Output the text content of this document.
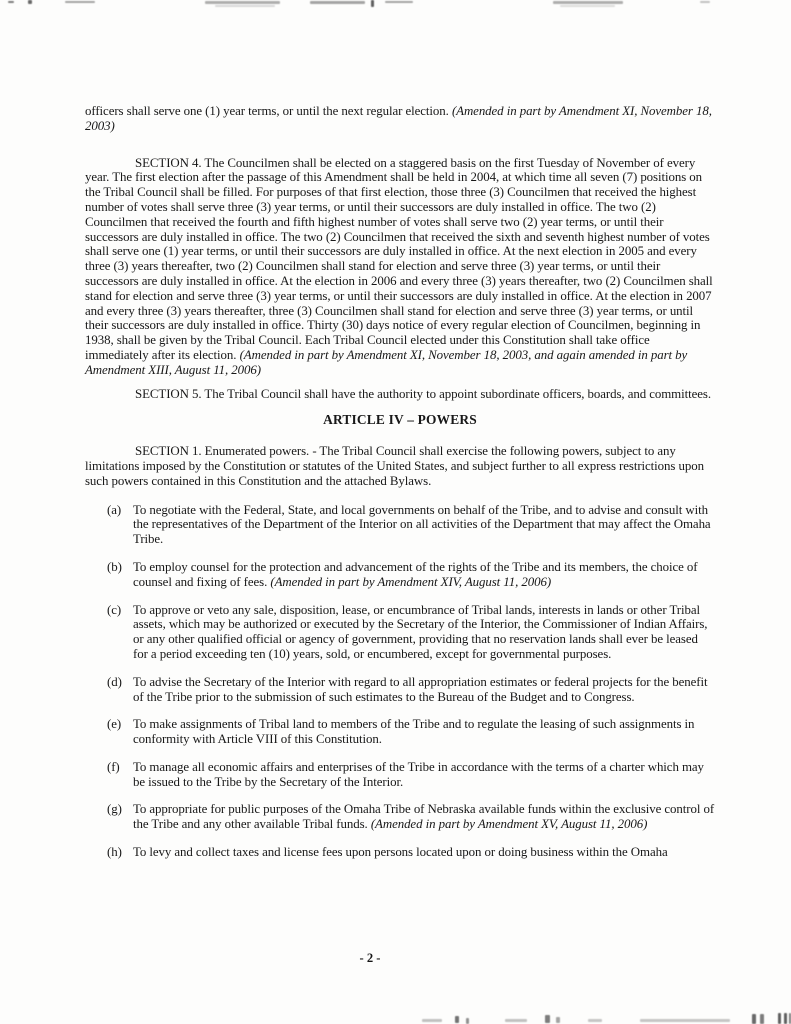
officers shall serve one (1) year terms, or until the next regular election. (Amended in part by Amendment XI, November 18, 2003)
SECTION 4. The Councilmen shall be elected on a staggered basis on the first Tuesday of November of every year. The first election after the passage of this Amendment shall be held in 2004, at which time all seven (7) positions on the Tribal Council shall be filled. For purposes of that first election, those three (3) Councilmen that received the highest number of votes shall serve three (3) year terms, or until their successors are duly installed in office. The two (2) Councilmen that received the fourth and fifth highest number of votes shall serve two (2) year terms, or until their successors are duly installed in office. The two (2) Councilmen that received the sixth and seventh highest number of votes shall serve one (1) year terms, or until their successors are duly installed in office. At the next election in 2005 and every three (3) years thereafter, two (2) Councilmen shall stand for election and serve three (3) year terms, or until their successors are duly installed in office. At the election in 2006 and every three (3) years thereafter, two (2) Councilmen shall stand for election and serve three (3) year terms, or until their successors are duly installed in office. At the election in 2007 and every three (3) years thereafter, three (3) Councilmen shall stand for election and serve three (3) year terms, or until their successors are duly installed in office. Thirty (30) days notice of every regular election of Councilmen, beginning in 1938, shall be given by the Tribal Council. Each Tribal Council elected under this Constitution shall take office immediately after its election. (Amended in part by Amendment XI, November 18, 2003, and again amended in part by Amendment XIII, August 11, 2006)
SECTION 5. The Tribal Council shall have the authority to appoint subordinate officers, boards, and committees.
ARTICLE IV – POWERS
SECTION 1. Enumerated powers. - The Tribal Council shall exercise the following powers, subject to any limitations imposed by the Constitution or statutes of the United States, and subject further to all express restrictions upon such powers contained in this Constitution and the attached Bylaws.
(a) To negotiate with the Federal, State, and local governments on behalf of the Tribe, and to advise and consult with the representatives of the Department of the Interior on all activities of the Department that may affect the Omaha Tribe.
(b) To employ counsel for the protection and advancement of the rights of the Tribe and its members, the choice of counsel and fixing of fees. (Amended in part by Amendment XIV, August 11, 2006)
(c) To approve or veto any sale, disposition, lease, or encumbrance of Tribal lands, interests in lands or other Tribal assets, which may be authorized or executed by the Secretary of the Interior, the Commissioner of Indian Affairs, or any other qualified official or agency of government, providing that no reservation lands shall ever be leased for a period exceeding ten (10) years, sold, or encumbered, except for governmental purposes.
(d) To advise the Secretary of the Interior with regard to all appropriation estimates or federal projects for the benefit of the Tribe prior to the submission of such estimates to the Bureau of the Budget and to Congress.
(e) To make assignments of Tribal land to members of the Tribe and to regulate the leasing of such assignments in conformity with Article VIII of this Constitution.
(f) To manage all economic affairs and enterprises of the Tribe in accordance with the terms of a charter which may be issued to the Tribe by the Secretary of the Interior.
(g) To appropriate for public purposes of the Omaha Tribe of Nebraska available funds within the exclusive control of the Tribe and any other available Tribal funds. (Amended in part by Amendment XV, August 11, 2006)
(h) To levy and collect taxes and license fees upon persons located upon or doing business within the Omaha
- 2 -
